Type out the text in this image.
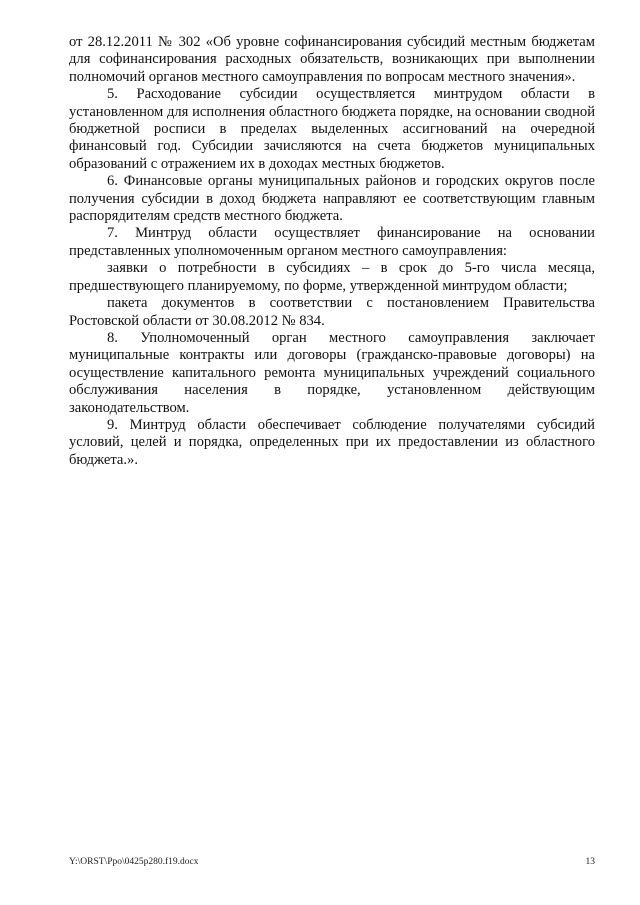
от 28.12.2011 № 302 «Об уровне софинансирования субсидий местным бюджетам для софинансирования расходных обязательств, возникающих при выполнении полномочий органов местного самоуправления по вопросам местного значения».

5. Расходование субсидии осуществляется минтрудом области в установленном для исполнения областного бюджета порядке, на основании сводной бюджетной росписи в пределах выделенных ассигнований на очередной финансовый год. Субсидии зачисляются на счета бюджетов муниципальных образований с отражением их в доходах местных бюджетов.

6. Финансовые органы муниципальных районов и городских округов после получения субсидии в доход бюджета направляют ее соответствующим главным распорядителям средств местного бюджета.

7. Минтруд области осуществляет финансирование на основании представленных уполномоченным органом местного самоуправления:

заявки о потребности в субсидиях – в срок до 5-го числа месяца, предшествующего планируемому, по форме, утвержденной минтрудом области;

пакета документов в соответствии с постановлением Правительства Ростовской области от 30.08.2012 № 834.

8. Уполномоченный орган местного самоуправления заключает муниципальные контракты или договоры (гражданско-правовые договоры) на осуществление капитального ремонта муниципальных учреждений социального обслуживания населения в порядке, установленном действующим законодательством.

9. Минтруд области обеспечивает соблюдение получателями субсидий условий, целей и порядка, определенных при их предоставлении из областного бюджета.».

Y:\ORST\Ppo\0425p280.f19.docx	13
